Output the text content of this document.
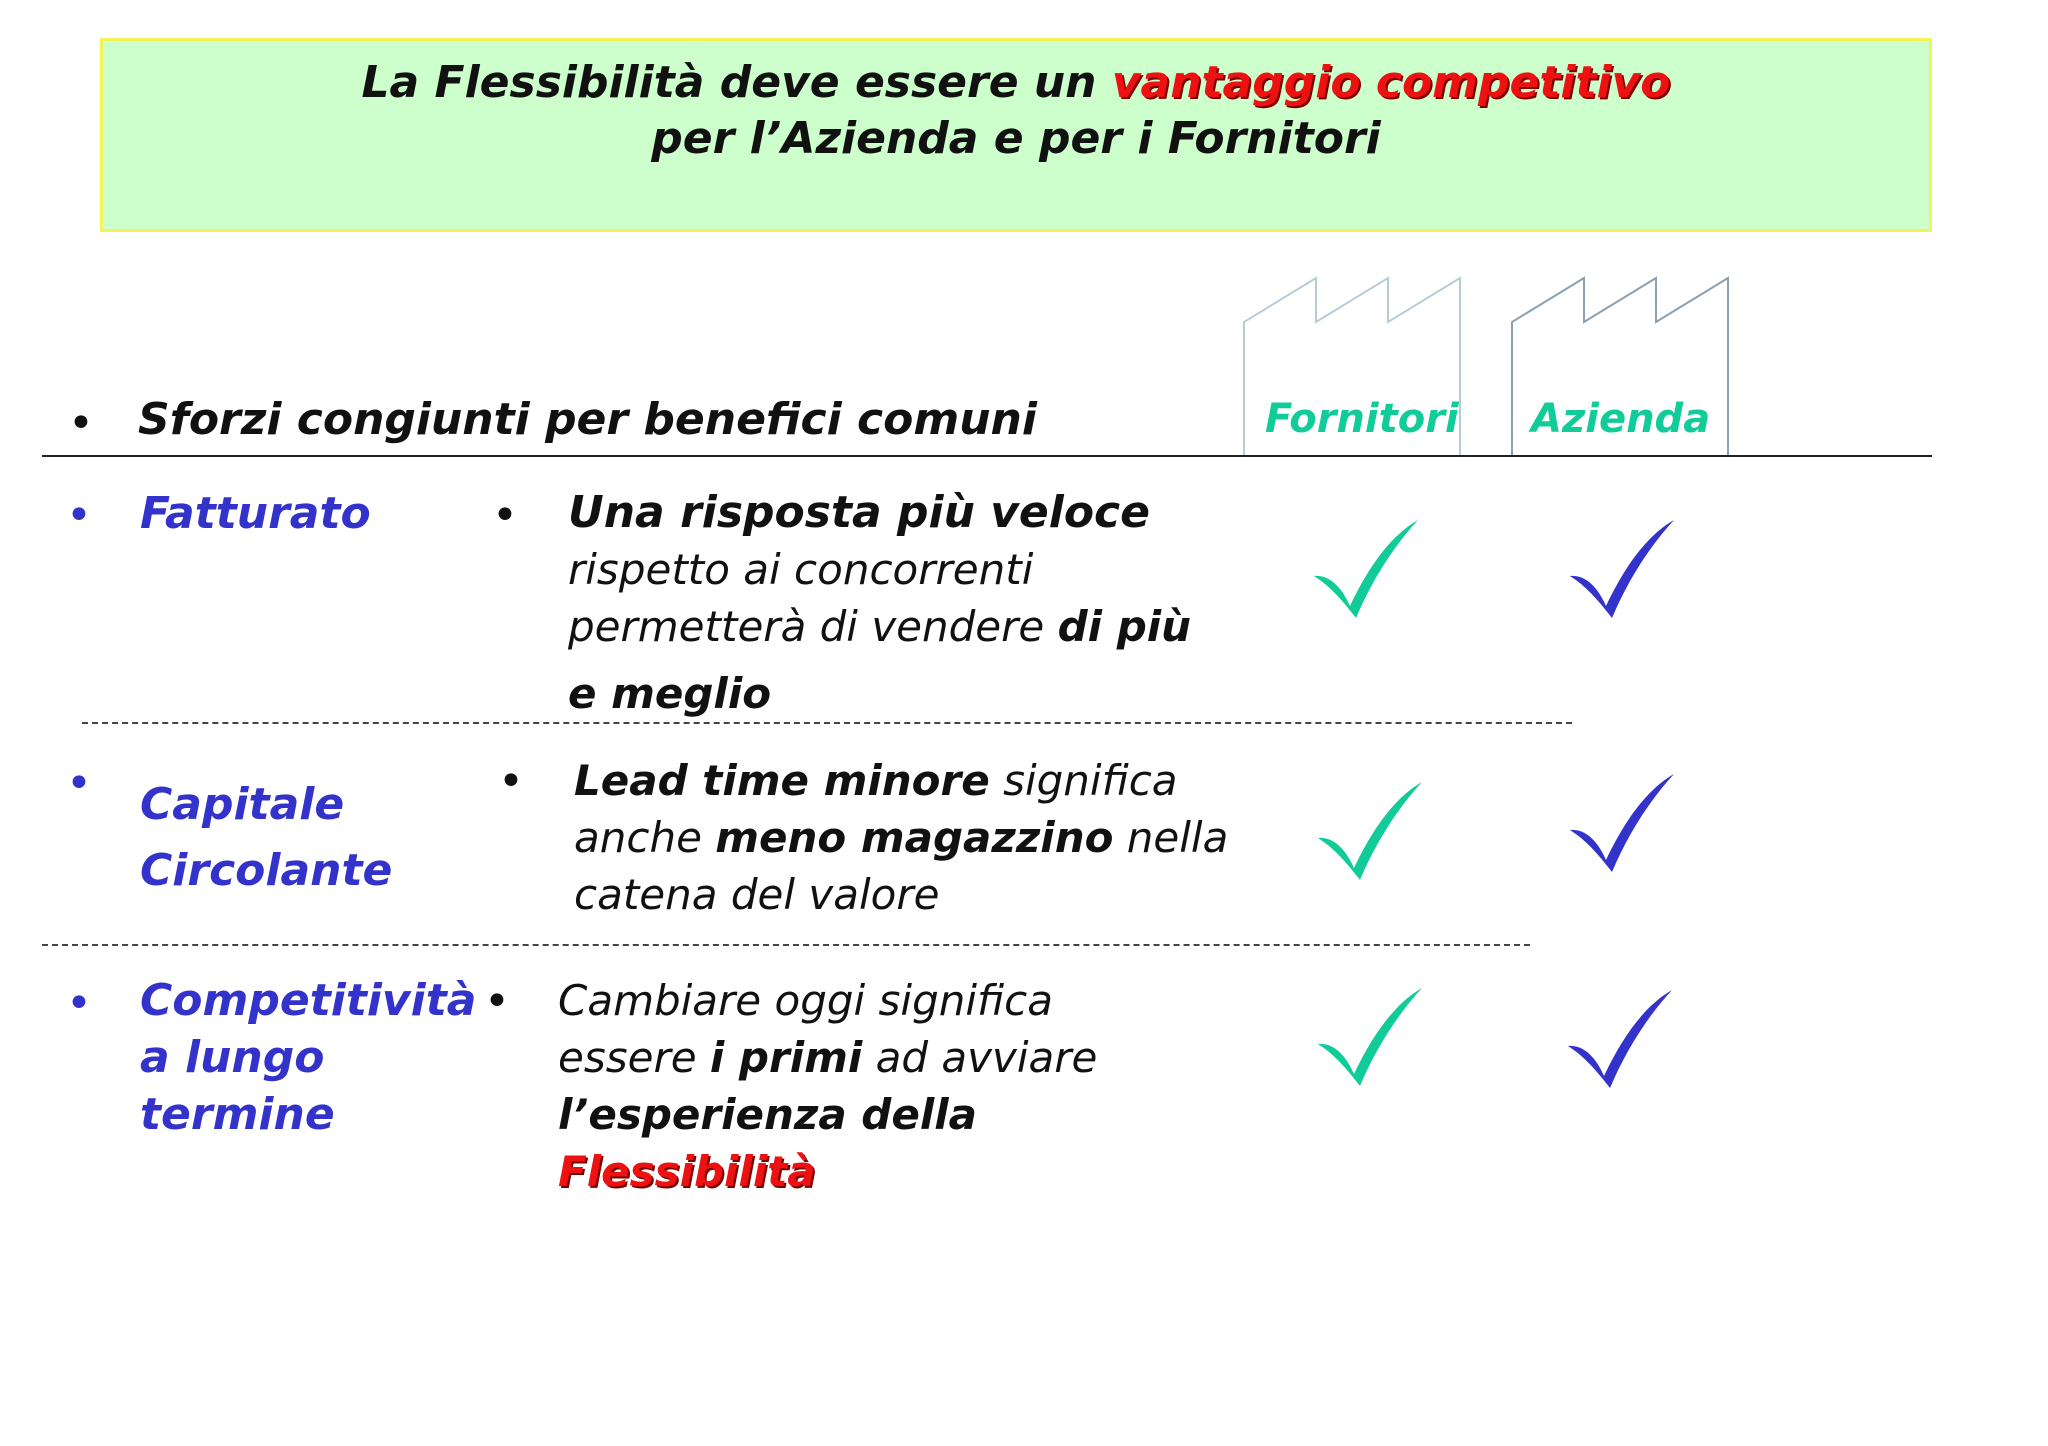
La Flessibilità deve essere un vantaggio competitivo
per l’Azienda e per i Fornitori
Fornitori Azienda
• Sforzi congiunti per benefici comuni
• Fatturato	• Una risposta più veloce
rispetto ai concorrenti
permetterà di vendere di più
e meglio
• Capitale
Circolante
• Lead time minore significa
anche meno magazzino nella
catena del valore
• Competitività
a lungo
termine
• Cambiare oggi significa
essere i primi ad avviare
l’esperienza della
Flessibilità
